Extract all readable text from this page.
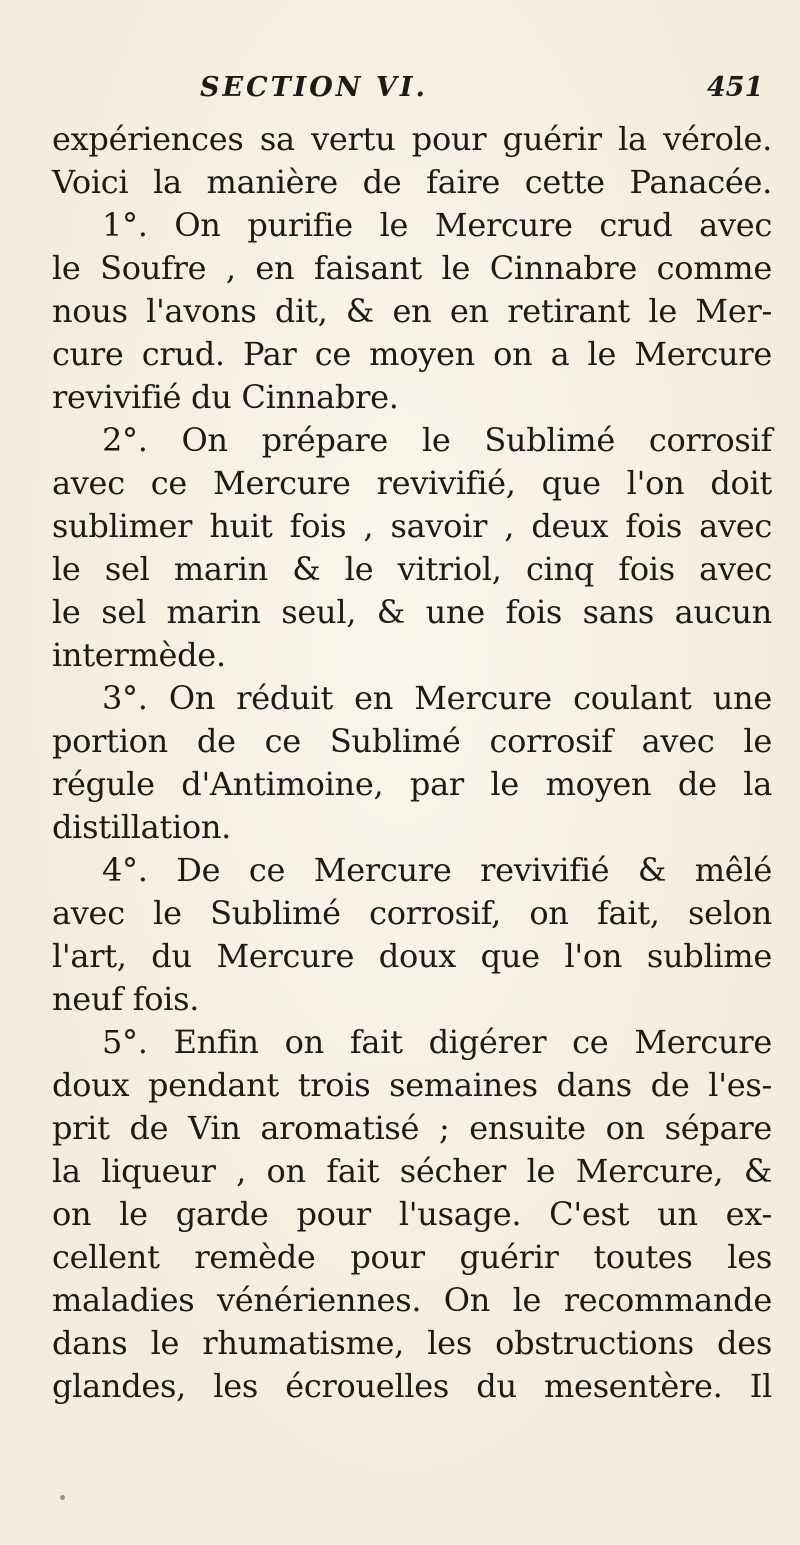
SECTION VI.	451
expériences sa vertu pour guérir la vérole.
Voici la manière de faire cette Panacée.
1°. On purifie le Mercure crud avec
le Soufre , en faisant le Cinnabre comme
nous l'avons dit, & en en retirant le Mer-
cure crud. Par ce moyen on a le Mercure
revivifié du Cinnabre.
2°. On prépare le Sublimé corrosif
avec ce Mercure revivifié, que l'on doit
sublimer huit fois , savoir , deux fois avec
le sel marin & le vitriol, cinq fois avec
le sel marin seul, & une fois sans aucun
intermède.
3°. On réduit en Mercure coulant une
portion de ce Sublimé corrosif avec le
régule d'Antimoine, par le moyen de la
distillation.
4°. De ce Mercure revivifié & mêlé
avec le Sublimé corrosif, on fait, selon
l'art, du Mercure doux que l'on sublime
neuf fois.
5°. Enfin on fait digérer ce Mercure
doux pendant trois semaines dans de l'es-
prit de Vin aromatisé ; ensuite on sépare
la liqueur , on fait sécher le Mercure, &
on le garde pour l'usage. C'est un ex-
cellent remède pour guérir toutes les
maladies vénériennes. On le recommande
dans le rhumatisme, les obstructions des
glandes, les écrouelles du mesentère. Il
